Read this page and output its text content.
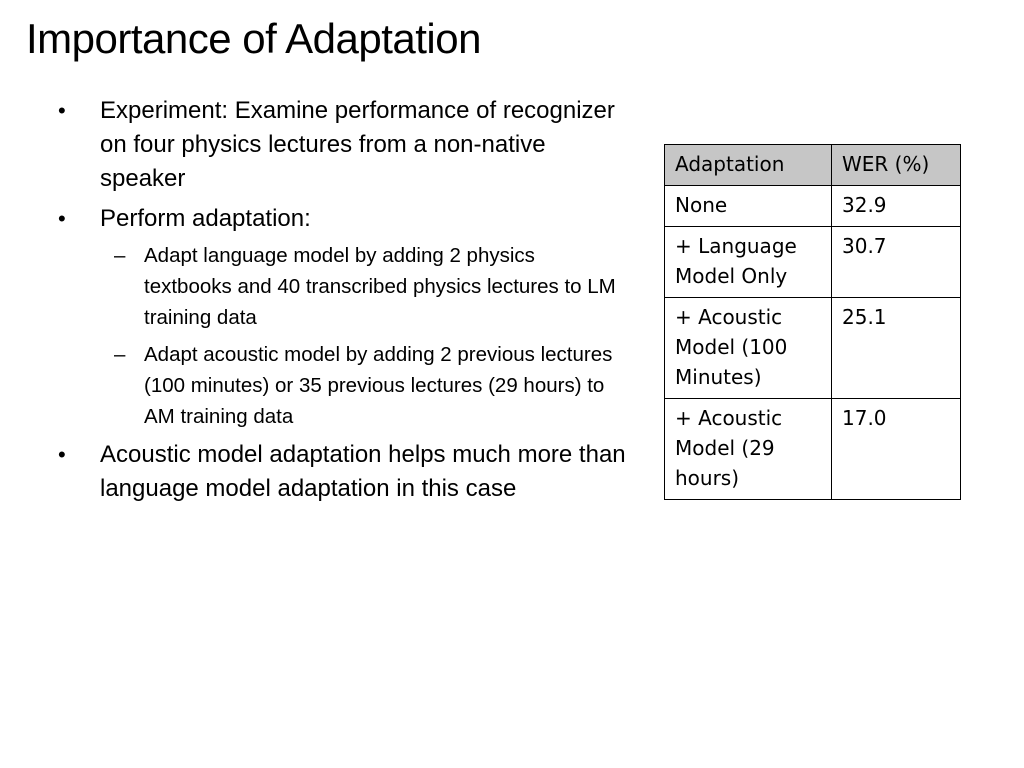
Importance of Adaptation
• Experiment: Examine performance of recognizer on four physics lectures from a non-native speaker
• Perform adaptation:
– Adapt language model by adding 2 physics textbooks and 40 transcribed physics lectures to LM training data
– Adapt acoustic model by adding 2 previous lectures (100 minutes) or 35 previous lectures (29 hours) to AM training data
• Acoustic model adaptation helps much more than language model adaptation in this case
Adaptation	WER (%)
None	32.9
+ Language Model Only	30.7
+ Acoustic Model (100 Minutes)	25.1
+ Acoustic Model (29 hours)	17.0
